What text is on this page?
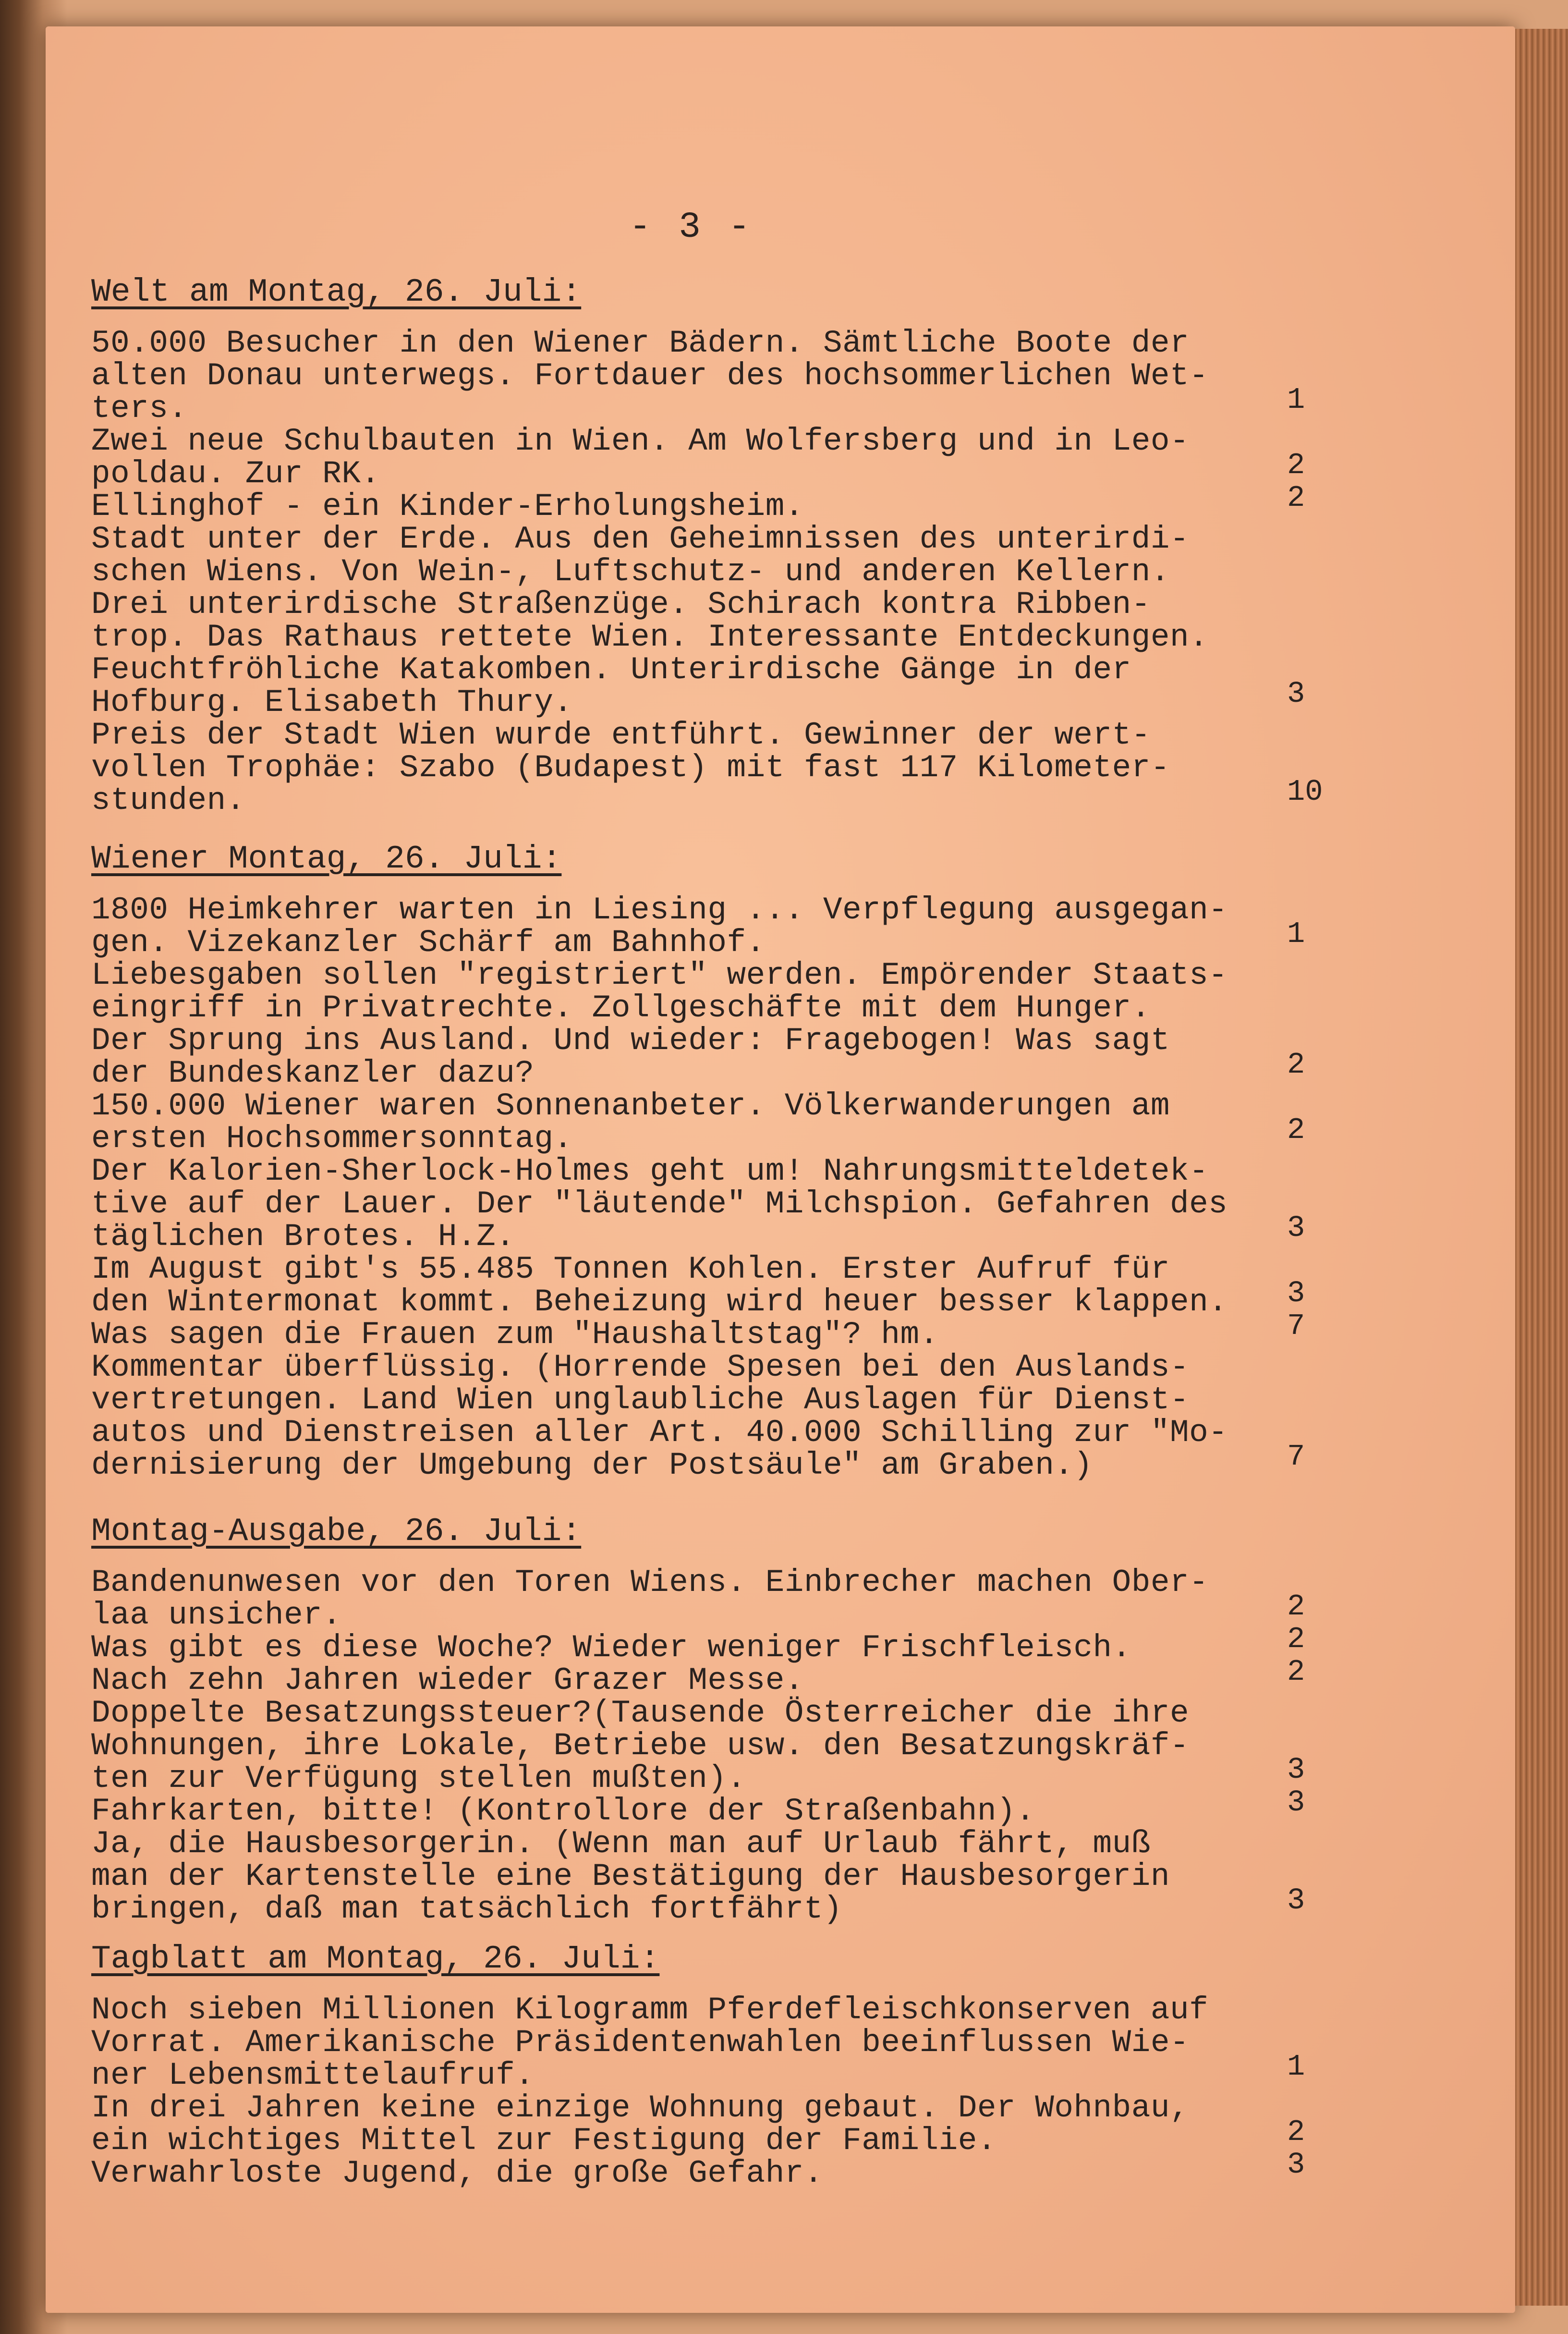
- 3 -
Welt am Montag, 26. Juli:
50.000 Besucher in den Wiener Bädern. Sämtliche Boote der
alten Donau unterwegs. Fortdauer des hochsommerlichen Wet-
ters.	1
Zwei neue Schulbauten in Wien. Am Wolfersberg und in Leo-
poldau. Zur RK.	2
Ellinghof - ein Kinder-Erholungsheim.	2
Stadt unter der Erde. Aus den Geheimnissen des unterirdi-
schen Wiens. Von Wein-, Luftschutz- und anderen Kellern.
Drei unterirdische Straßenzüge. Schirach kontra Ribben-
trop. Das Rathaus rettete Wien. Interessante Entdeckungen.
Feuchtfröhliche Katakomben. Unterirdische Gänge in der
Hofburg. Elisabeth Thury.	3
Preis der Stadt Wien wurde entführt. Gewinner der wert-
vollen Trophäe: Szabo (Budapest) mit fast 117 Kilometer-
stunden.	10
Wiener Montag, 26. Juli:
1800 Heimkehrer warten in Liesing ... Verpflegung ausgegan-
gen. Vizekanzler Schärf am Bahnhof.	1
Liebesgaben sollen "registriert" werden. Empörender Staats-
eingriff in Privatrechte. Zollgeschäfte mit dem Hunger.
Der Sprung ins Ausland. Und wieder: Fragebogen! Was sagt
der Bundeskanzler dazu?	2
150.000 Wiener waren Sonnenanbeter. Völkerwanderungen am
ersten Hochsommersonntag.	2
Der Kalorien-Sherlock-Holmes geht um! Nahrungsmitteldetek-
tive auf der Lauer. Der "läutende" Milchspion. Gefahren des
täglichen Brotes. H.Z.	3
Im August gibt's 55.485 Tonnen Kohlen. Erster Aufruf für
den Wintermonat kommt. Beheizung wird heuer besser klappen.	3
Was sagen die Frauen zum "Haushaltstag"? hm.	7
Kommentar überflüssig. (Horrende Spesen bei den Auslands-
vertretungen. Land Wien unglaubliche Auslagen für Dienst-
autos und Dienstreisen aller Art. 40.000 Schilling zur "Mo-
dernisierung der Umgebung der Postsäule" am Graben.)	7
Montag-Ausgabe, 26. Juli:
Bandenunwesen vor den Toren Wiens. Einbrecher machen Ober-
laa unsicher.	2
Was gibt es diese Woche? Wieder weniger Frischfleisch.	2
Nach zehn Jahren wieder Grazer Messe.	2
Doppelte Besatzungssteuer?(Tausende Österreicher die ihre
Wohnungen, ihre Lokale, Betriebe usw. den Besatzungskräf-
ten zur Verfügung stellen mußten).	3
Fahrkarten, bitte! (Kontrollore der Straßenbahn).	3
Ja, die Hausbesorgerin. (Wenn man auf Urlaub fährt, muß
man der Kartenstelle eine Bestätigung der Hausbesorgerin
bringen, daß man tatsächlich fortfährt)	3
Tagblatt am Montag, 26. Juli:
Noch sieben Millionen Kilogramm Pferdefleischkonserven auf
Vorrat. Amerikanische Präsidentenwahlen beeinflussen Wie-
ner Lebensmittelaufruf.	1
In drei Jahren keine einzige Wohnung gebaut. Der Wohnbau,
ein wichtiges Mittel zur Festigung der Familie.	2
Verwahrloste Jugend, die große Gefahr.	3
